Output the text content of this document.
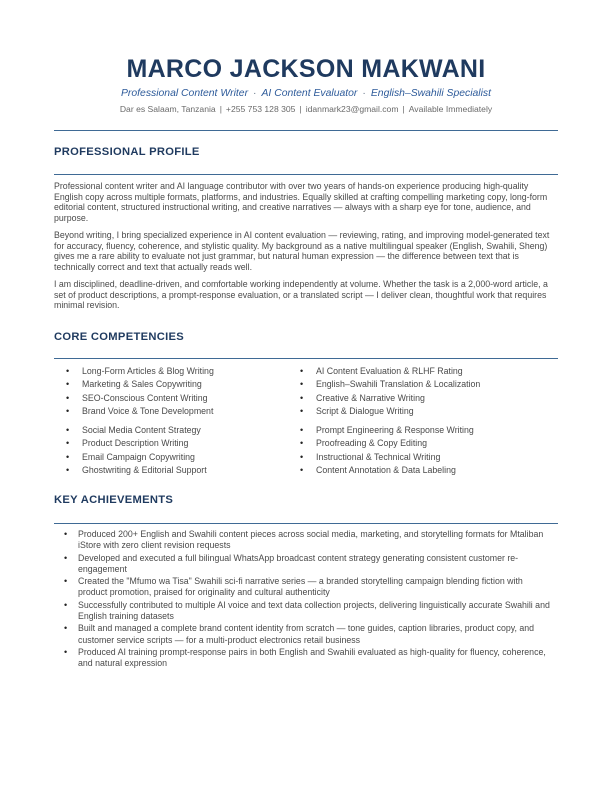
MARCO JACKSON MAKWANI
Professional Content Writer · AI Content Evaluator · English–Swahili Specialist
Dar es Salaam, Tanzania | +255 753 128 305 | idanmark23@gmail.com | Available Immediately
PROFESSIONAL PROFILE

Professional content writer and AI language contributor with over two years of hands-on experience producing high-quality English copy across multiple formats, platforms, and industries. Equally skilled at crafting compelling marketing copy, long-form editorial content, structured instructional writing, and creative narratives — always with a sharp eye for tone, audience, and purpose.

Beyond writing, I bring specialized experience in AI content evaluation — reviewing, rating, and improving model-generated text for accuracy, fluency, coherence, and stylistic quality. My background as a native multilingual speaker (English, Swahili, Sheng) gives me a rare ability to evaluate not just grammar, but natural human expression — the difference between text that is technically correct and text that actually reads well.

I am disciplined, deadline-driven, and comfortable working independently at volume. Whether the task is a 2,000-word article, a set of product descriptions, a prompt-response evaluation, or a translated script — I deliver clean, thoughtful work that requires minimal revision.

CORE COMPETENCIES
• Long-Form Articles & Blog Writing
• Marketing & Sales Copywriting
• SEO-Conscious Content Writing
• Brand Voice & Tone Development
• AI Content Evaluation & RLHF Rating
• English–Swahili Translation & Localization
• Creative & Narrative Writing
• Script & Dialogue Writing
• Social Media Content Strategy
• Product Description Writing
• Email Campaign Copywriting
• Ghostwriting & Editorial Support
• Prompt Engineering & Response Writing
• Proofreading & Copy Editing
• Instructional & Technical Writing
• Content Annotation & Data Labeling
KEY ACHIEVEMENTS
• Produced 200+ English and Swahili content pieces across social media, marketing, and storytelling formats for Mtaliban iStore with zero client revision requests
• Developed and executed a full bilingual WhatsApp broadcast content strategy generating consistent customer re-engagement
• Created the "Mfumo wa Tisa" Swahili sci-fi narrative series — a branded storytelling campaign blending fiction with product promotion, praised for originality and cultural authenticity
• Successfully contributed to multiple AI voice and text data collection projects, delivering linguistically accurate Swahili and English training datasets
• Built and managed a complete brand content identity from scratch — tone guides, caption libraries, product copy, and customer service scripts — for a multi-product electronics retail business
• Produced AI training prompt-response pairs in both English and Swahili evaluated as high-quality for fluency, coherence, and natural expression
